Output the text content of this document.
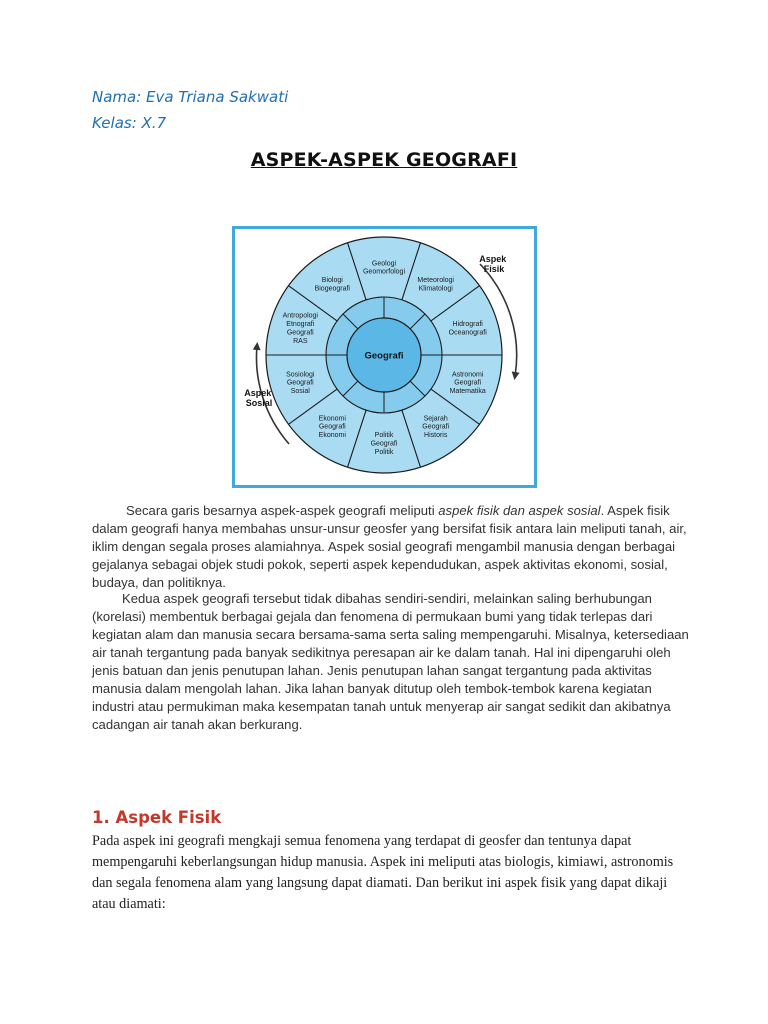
Nama: Eva Triana Sakwati

Kelas: X.7

ASPEK-ASPEK GEOGRAFI
Geologi Geomorfologi
Meteorologi Klimatologi
Hidrografi Oceanografi
Astronomi Geografi Matematika
Sejarah Geografi Historis
Politik Geografi Politik
Ekonomi Geografi Ekonomi
Sosiologi Geografi Sosial
Antropologi Etnografi Geografi RAS
Biologi Biogeografi
Geografi
Aspek Fisik
Aspek Sosial

Secara garis besarnya aspek-aspek geografi meliputi aspek fisik dan aspek sosial. Aspek fisik dalam geografi hanya membahas unsur-unsur geosfer yang bersifat fisik antara lain meliputi tanah, air, iklim dengan segala proses alamiahnya. Aspek sosial geografi mengambil manusia dengan berbagai gejalanya sebagai objek studi pokok, seperti aspek kependudukan, aspek aktivitas ekonomi, sosial, budaya, dan politiknya.

Kedua aspek geografi tersebut tidak dibahas sendiri-sendiri, melainkan saling berhubungan (korelasi) membentuk berbagai gejala dan fenomena di permukaan bumi yang tidak terlepas dari kegiatan alam dan manusia secara bersama-sama serta saling mempengaruhi. Misalnya, ketersediaan air tanah tergantung pada banyak sedikitnya peresapan air ke dalam tanah. Hal ini dipengaruhi oleh jenis batuan dan jenis penutupan lahan. Jenis penutupan lahan sangat tergantung pada aktivitas manusia dalam mengolah lahan. Jika lahan banyak ditutup oleh tembok-tembok karena kegiatan industri atau permukiman maka kesempatan tanah untuk menyerap air sangat sedikit dan akibatnya cadangan air tanah akan berkurang.

1. Aspek Fisik

Pada aspek ini geografi mengkaji semua fenomena yang terdapat di geosfer dan tentunya dapat mempengaruhi keberlangsungan hidup manusia. Aspek ini meliputi atas biologis, kimiawi, astronomis dan segala fenomena alam yang langsung dapat diamati. Dan berikut ini aspek fisik yang dapat dikaji atau diamati:
